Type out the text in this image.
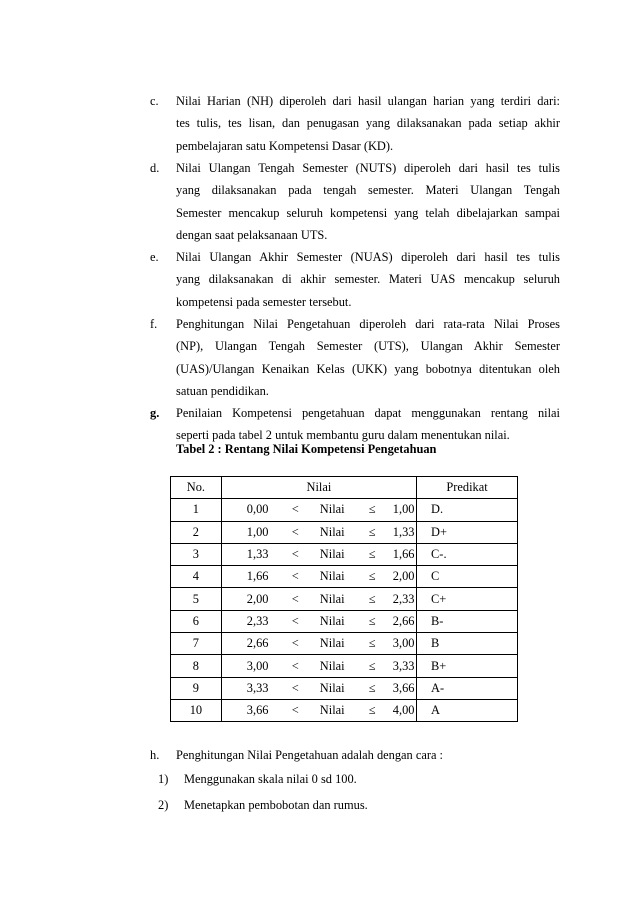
c.	Nilai Harian (NH) diperoleh dari hasil ulangan harian yang terdiri dari:
tes tulis, tes lisan, dan penugasan yang dilaksanakan pada setiap akhir
pembelajaran satu Kompetensi Dasar (KD).
d.	Nilai Ulangan Tengah Semester (NUTS) diperoleh dari hasil tes tulis
yang dilaksanakan pada tengah semester. Materi Ulangan Tengah
Semester mencakup seluruh kompetensi yang telah dibelajarkan sampai
dengan saat pelaksanaan UTS.
e.	Nilai Ulangan Akhir Semester (NUAS) diperoleh dari hasil tes tulis
yang dilaksanakan di akhir semester. Materi UAS mencakup seluruh
kompetensi pada semester tersebut.
f.	Penghitungan Nilai Pengetahuan diperoleh dari rata-rata Nilai Proses
(NP), Ulangan Tengah Semester (UTS), Ulangan Akhir Semester
(UAS)/Ulangan Kenaikan Kelas (UKK) yang bobotnya ditentukan oleh
satuan pendidikan.
g.	Penilaian Kompetensi pengetahuan dapat menggunakan rentang nilai
seperti pada tabel 2 untuk membantu guru dalam menentukan nilai.
Tabel 2 : Rentang Nilai Kompetensi Pengetahuan
No.	Nilai	Predikat
1	0,00 < Nilai ≤ 1,00	D.
2	1,00 < Nilai ≤ 1,33	D+
3	1,33 < Nilai ≤ 1,66	C-.
4	1,66 < Nilai ≤ 2,00	C
5	2,00 < Nilai ≤ 2,33	C+
6	2,33 < Nilai ≤ 2,66	B-
7	2,66 < Nilai ≤ 3,00	B
8	3,00 < Nilai ≤ 3,33	B+
9	3,33 < Nilai ≤ 3,66	A-
10	3,66 < Nilai ≤ 4,00	A
h.	Penghitungan Nilai Pengetahuan adalah dengan cara :
1) Menggunakan skala nilai 0 sd 100.
2) Menetapkan pembobotan dan rumus.
